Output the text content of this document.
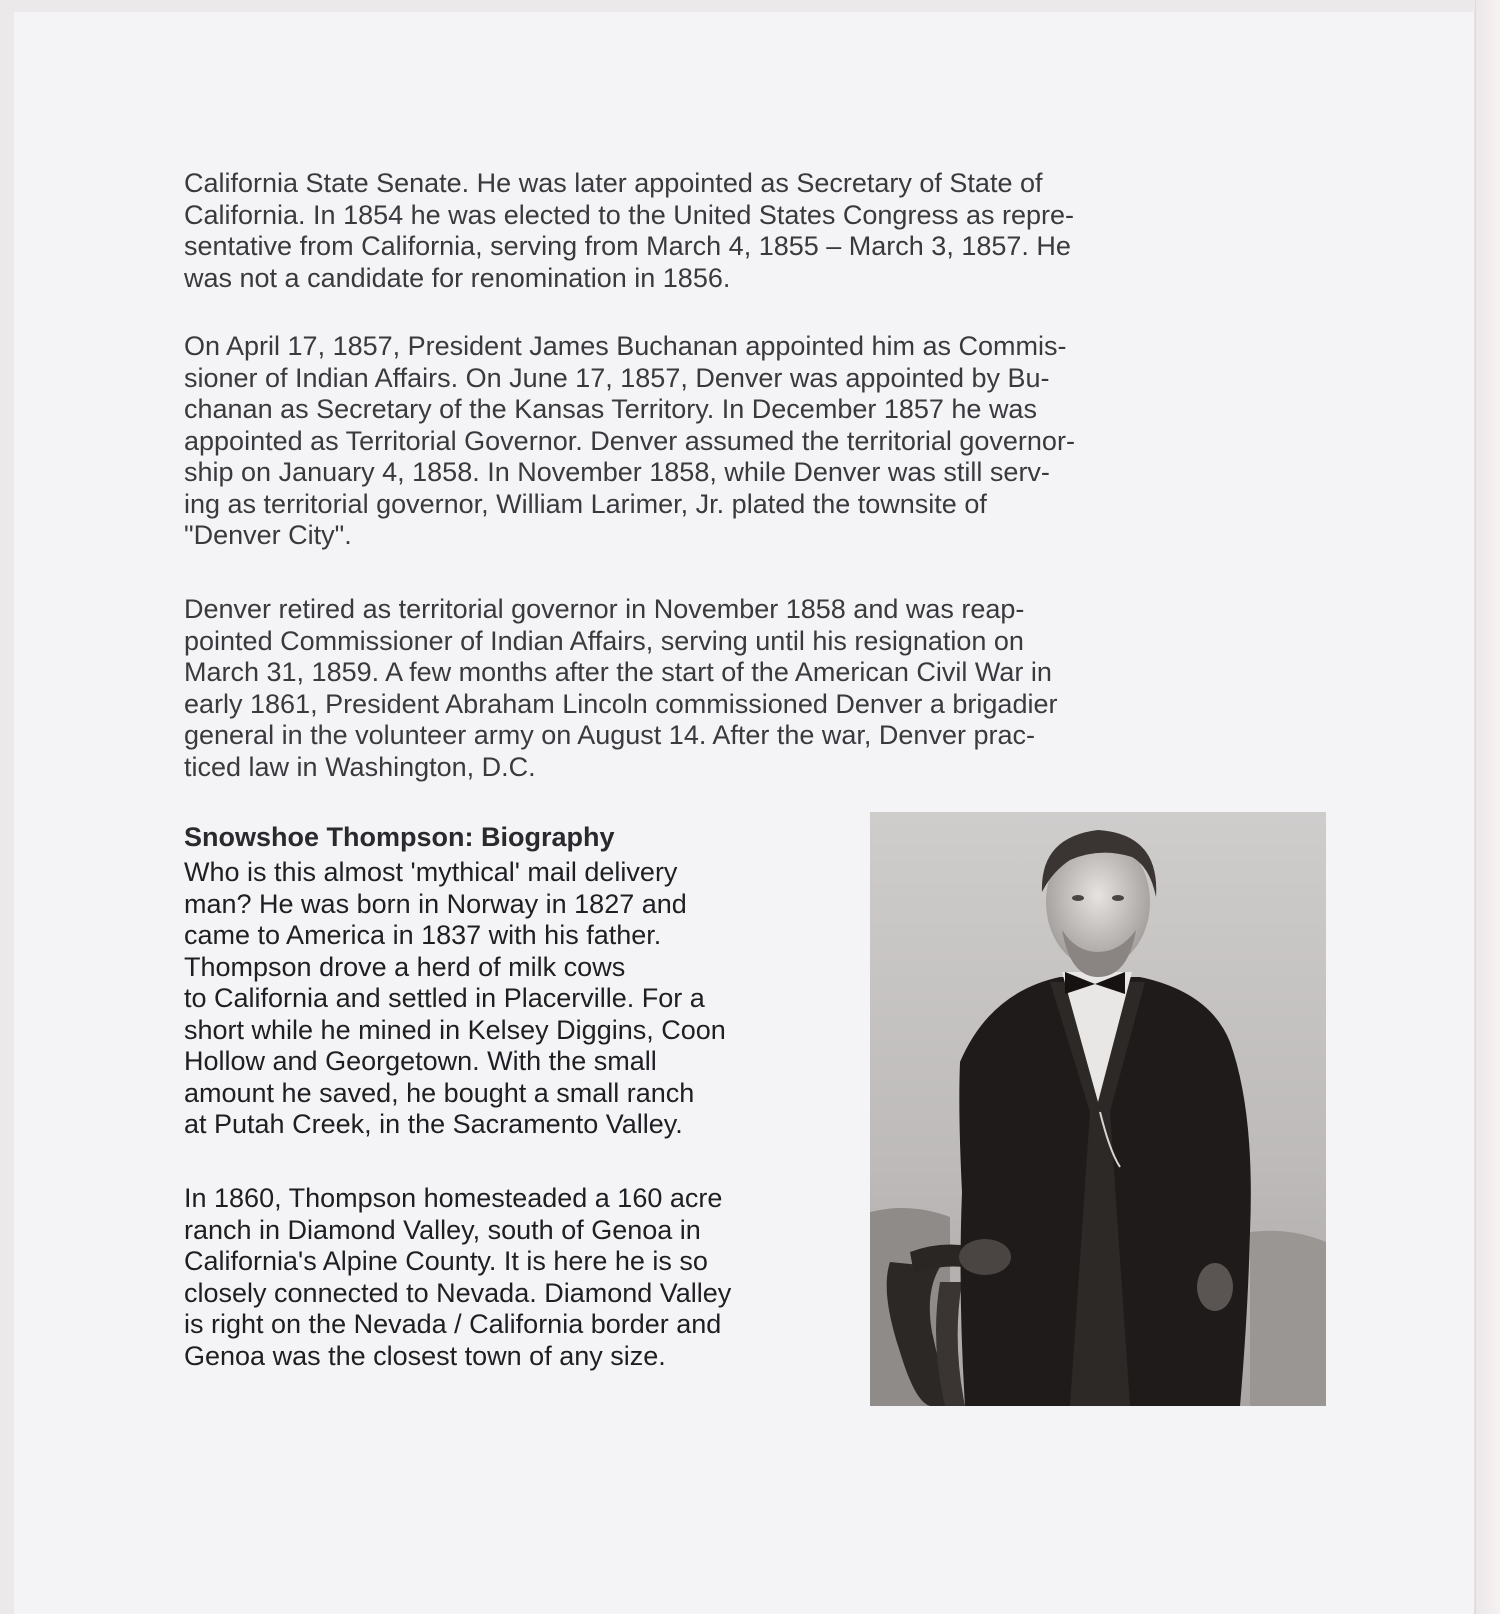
California State Senate. He was later appointed as Secretary of State of
California. In 1854 he was elected to the United States Congress as repre-
sentative from California, serving from March 4, 1855 – March 3, 1857. He
was not a candidate for renomination in 1856.

On April 17, 1857, President James Buchanan appointed him as Commis-
sioner of Indian Affairs. On June 17, 1857, Denver was appointed by Bu-
chanan as Secretary of the Kansas Territory. In December 1857 he was
appointed as Territorial Governor. Denver assumed the territorial governor-
ship on January 4, 1858. In November 1858, while Denver was still serv-
ing as territorial governor, William Larimer, Jr. plated the townsite of
"Denver City".

Denver retired as territorial governor in November 1858 and was reap-
pointed Commissioner of Indian Affairs, serving until his resignation on
March 31, 1859. A few months after the start of the American Civil War in
early 1861, President Abraham Lincoln commissioned Denver a brigadier
general in the volunteer army on August 14. After the war, Denver prac-
ticed law in Washington, D.C.

Snowshoe Thompson: Biography

Who is this almost 'mythical' mail delivery
man? He was born in Norway in 1827 and
came to America in 1837 with his father.
Thompson drove a herd of milk cows
to California and settled in Placerville. For a
short while he mined in Kelsey Diggins, Coon
Hollow and Georgetown. With the small
amount he saved, he bought a small ranch
at Putah Creek, in the Sacramento Valley.

In 1860, Thompson homesteaded a 160 acre
ranch in Diamond Valley, south of Genoa in
California's Alpine County. It is here he is so
closely connected to Nevada. Diamond Valley
is right on the Nevada / California border and
Genoa was the closest town of any size.
